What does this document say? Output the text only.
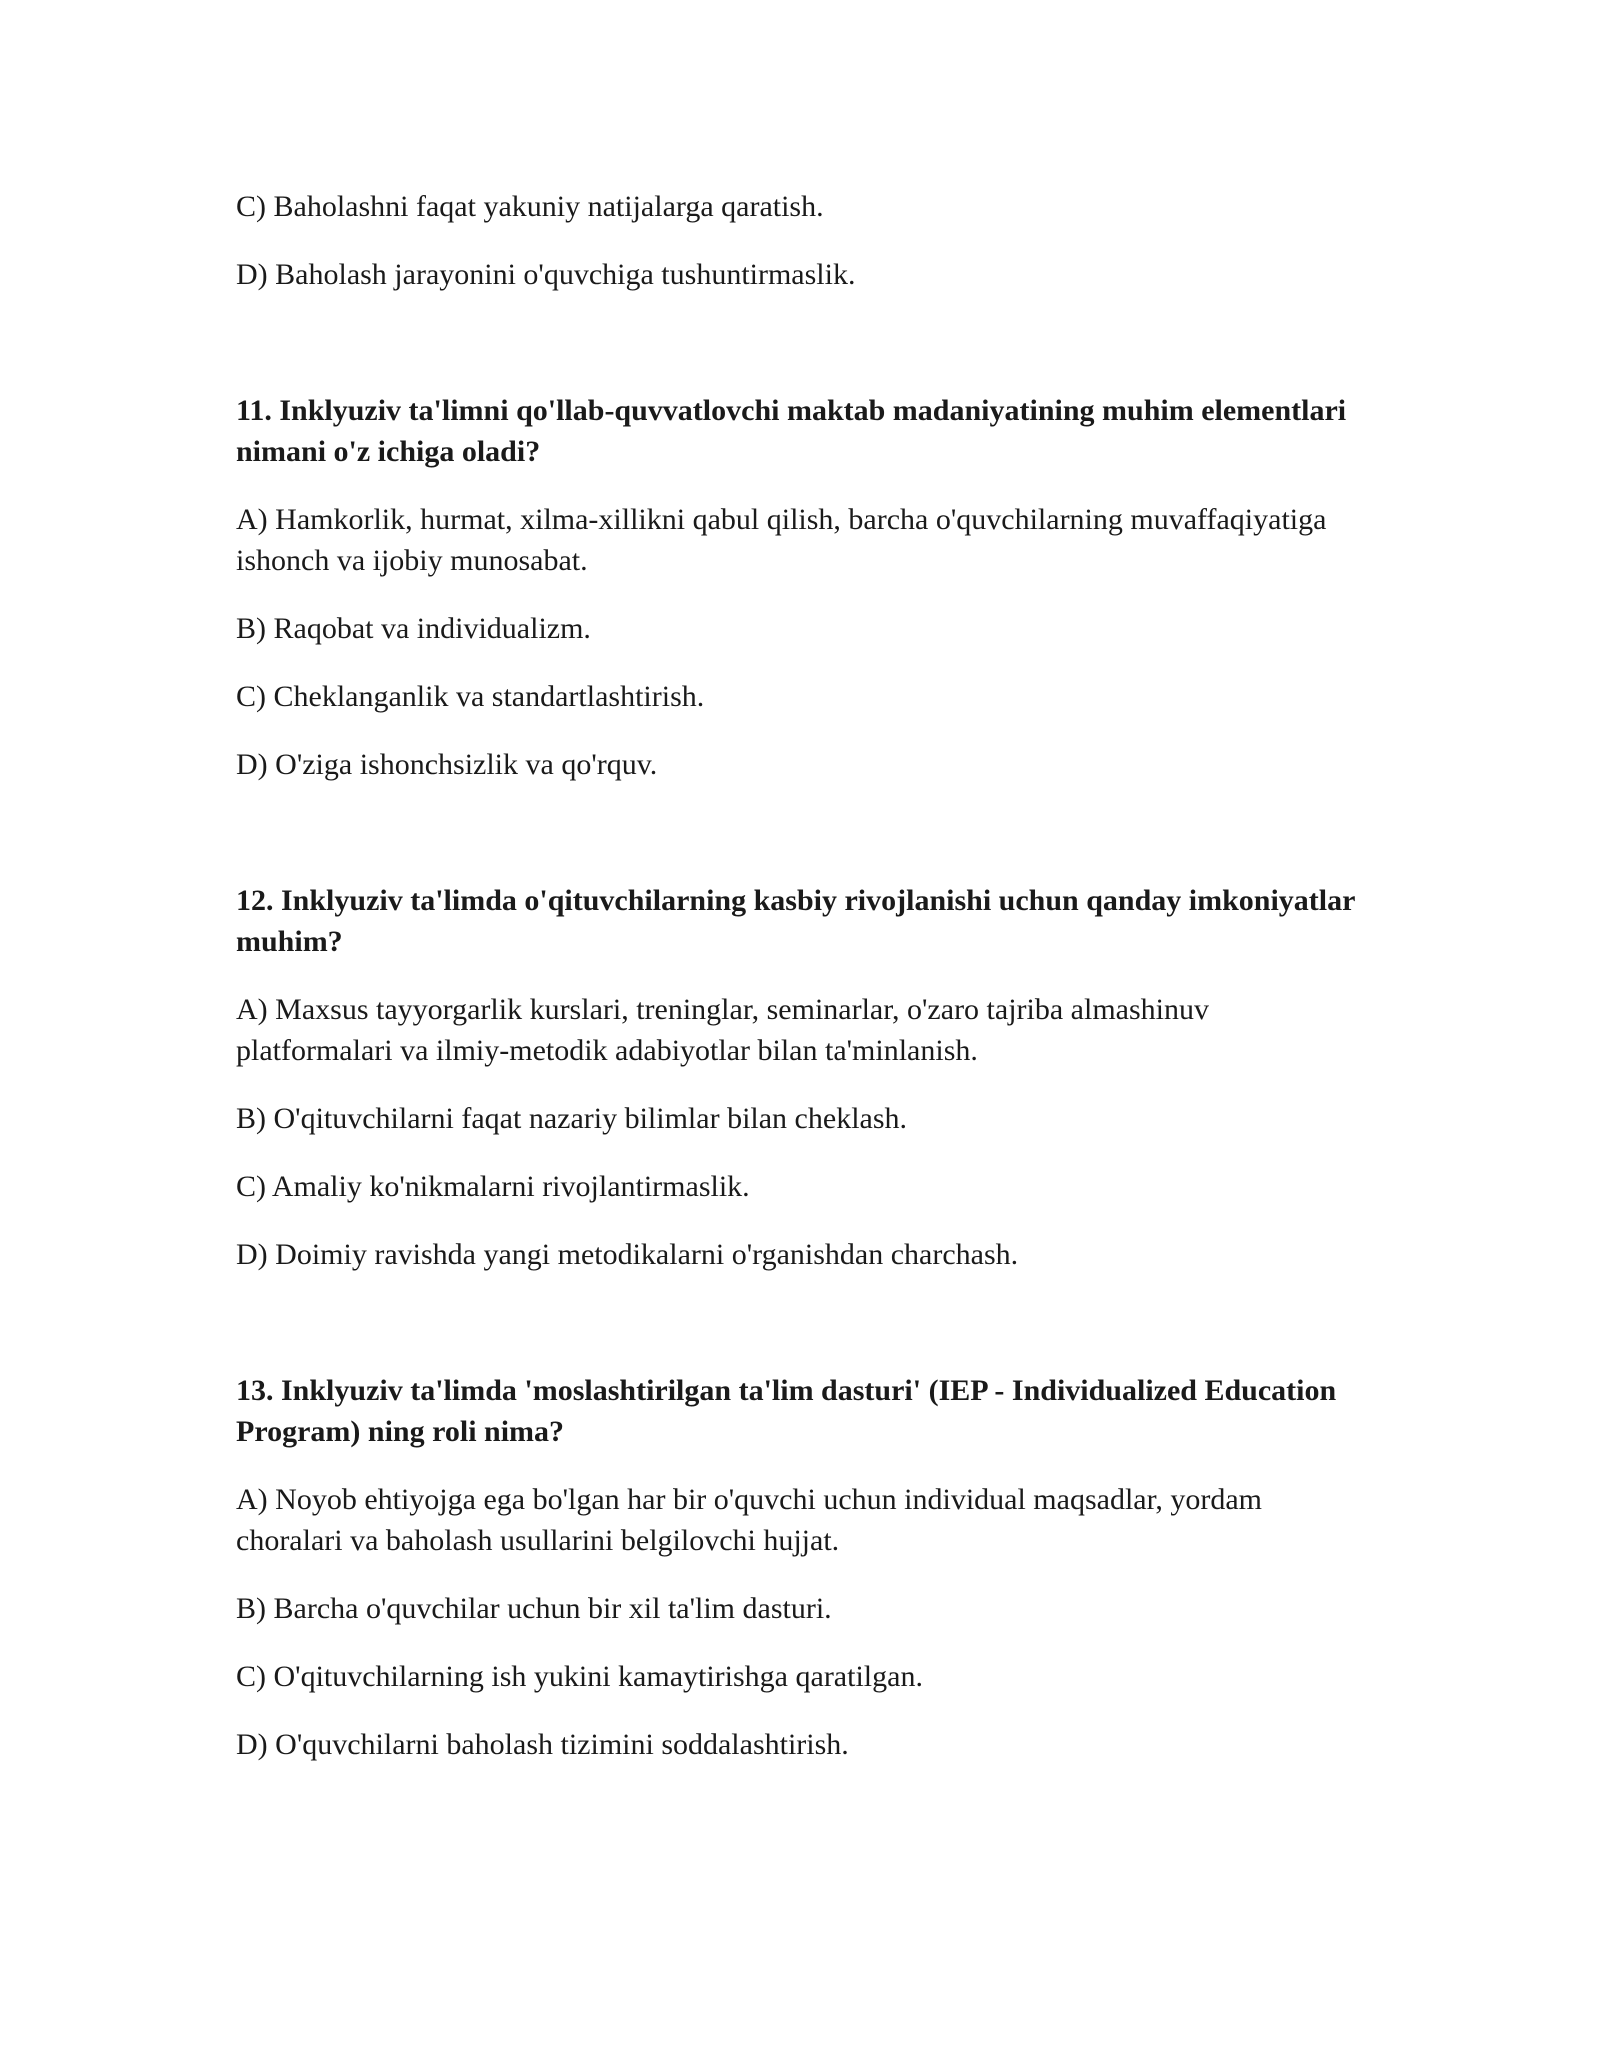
C) Baholashni faqat yakuniy natijalarga qaratish.

D) Baholash jarayonini o'quvchiga tushuntirmaslik.

11. Inklyuziv ta'limni qo'llab-quvvatlovchi maktab madaniyatining muhim elementlari nimani o'z ichiga oladi?

A) Hamkorlik, hurmat, xilma-xillikni qabul qilish, barcha o'quvchilarning muvaffaqiyatiga ishonch va ijobiy munosabat.

B) Raqobat va individualizm.

C) Cheklanganlik va standartlashtirish.

D) O'ziga ishonchsizlik va qo'rquv.

12. Inklyuziv ta'limda o'qituvchilarning kasbiy rivojlanishi uchun qanday imkoniyatlar muhim?

A) Maxsus tayyorgarlik kurslari, treninglar, seminarlar, o'zaro tajriba almashinuv platformalari va ilmiy-metodik adabiyotlar bilan ta'minlanish.

B) O'qituvchilarni faqat nazariy bilimlar bilan cheklash.

C) Amaliy ko'nikmalarni rivojlantirmaslik.

D) Doimiy ravishda yangi metodikalarni o'rganishdan charchash.

13. Inklyuziv ta'limda 'moslashtirilgan ta'lim dasturi' (IEP - Individualized Education Program) ning roli nima?

A) Noyob ehtiyojga ega bo'lgan har bir o'quvchi uchun individual maqsadlar, yordam choralari va baholash usullarini belgilovchi hujjat.

B) Barcha o'quvchilar uchun bir xil ta'lim dasturi.

C) O'qituvchilarning ish yukini kamaytirishga qaratilgan.

D) O'quvchilarni baholash tizimini soddalashtirish.
